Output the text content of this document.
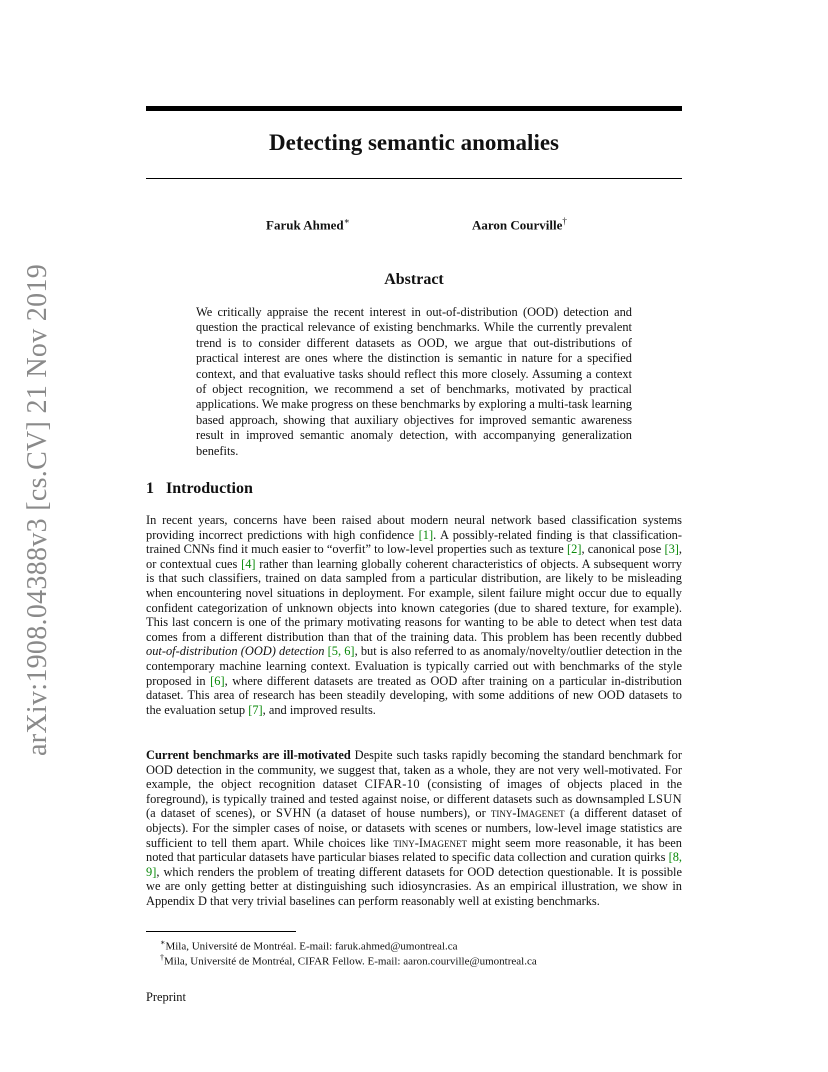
arXiv:1908.04388v3 [cs.CV] 21 Nov 2019
Detecting semantic anomalies
Faruk Ahmed∗	Aaron Courville†
Abstract
We critically appraise the recent interest in out-of-distribution (OOD) detection and question the practical relevance of existing benchmarks. While the currently prevalent trend is to consider different datasets as OOD, we argue that out-distributions of practical interest are ones where the distinction is semantic in nature for a specified context, and that evaluative tasks should reflect this more closely. Assuming a context of object recognition, we recommend a set of benchmarks, motivated by practical applications. We make progress on these benchmarks by exploring a multi-task learning based approach, showing that auxiliary objectives for improved semantic awareness result in improved semantic anomaly detection, with accompanying generalization benefits.
1 Introduction
In recent years, concerns have been raised about modern neural network based classification systems providing incorrect predictions with high confidence [1]. A possibly-related finding is that classification-trained CNNs find it much easier to “overfit” to low-level properties such as texture [2], canonical pose [3], or contextual cues [4] rather than learning globally coherent characteristics of objects. A subsequent worry is that such classifiers, trained on data sampled from a particular distribution, are likely to be misleading when encountering novel situations in deployment. For example, silent failure might occur due to equally confident categorization of unknown objects into known categories (due to shared texture, for example). This last concern is one of the primary motivating reasons for wanting to be able to detect when test data comes from a different distribution than that of the training data. This problem has been recently dubbed out-of-distribution (OOD) detection [5, 6], but is also referred to as anomaly/novelty/outlier detection in the contemporary machine learning context. Evaluation is typically carried out with benchmarks of the style proposed in [6], where different datasets are treated as OOD after training on a particular in-distribution dataset. This area of research has been steadily developing, with some additions of new OOD datasets to the evaluation setup [7], and improved results.
Current benchmarks are ill-motivated Despite such tasks rapidly becoming the standard benchmark for OOD detection in the community, we suggest that, taken as a whole, they are not very well-motivated. For example, the object recognition dataset CIFAR-10 (consisting of images of objects placed in the foreground), is typically trained and tested against noise, or different datasets such as downsampled LSUN (a dataset of scenes), or SVHN (a dataset of house numbers), or tiny-Imagenet (a different dataset of objects). For the simpler cases of noise, or datasets with scenes or numbers, low-level image statistics are sufficient to tell them apart. While choices like tiny-Imagenet might seem more reasonable, it has been noted that particular datasets have particular biases related to specific data collection and curation quirks [8, 9], which renders the problem of treating different datasets for OOD detection questionable. It is possible we are only getting better at distinguishing such idiosyncrasies. As an empirical illustration, we show in Appendix D that very trivial baselines can perform reasonably well at existing benchmarks.
∗Mila, Université de Montréal. E-mail: faruk.ahmed@umontreal.ca
†Mila, Université de Montréal, CIFAR Fellow. E-mail: aaron.courville@umontreal.ca
Preprint
